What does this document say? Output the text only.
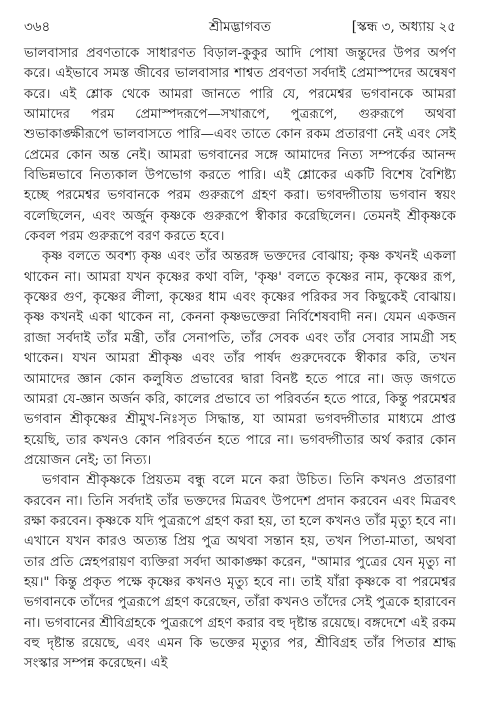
৩৬৪	শ্রীমদ্ভাগবত	[স্কন্ধ ৩, অধ্যায় ২৫

ভালবাসার প্রবণতাকে সাধারণত বিড়াল-কুকুর আদি পোষা জন্তুদের উপর অর্পণ করে। এইভাবে সমস্ত জীবের ভালবাসার শাশ্বত প্রবণতা সর্বদাই প্রেমাস্পদের অন্বেষণ করে। এই শ্লোক থেকে আমরা জানতে পারি যে, পরমেশ্বর ভগবানকে আমরা আমাদের পরম প্রেমাস্পদরূপে—সখারূপে, পুত্ররূপে, গুরুরূপে অথবা শুভাকাঙ্ক্ষীরূপে ভালবাসতে পারি—এবং তাতে কোন রকম প্রতারণা নেই এবং সেই প্রেমের কোন অন্ত নেই। আমরা ভগবানের সঙ্গে আমাদের নিত্য সম্পর্কের আনন্দ বিভিন্নভাবে নিত্যকাল উপভোগ করতে পারি। এই শ্লোকের একটি বিশেষ বৈশিষ্ট্য হচ্ছে পরমেশ্বর ভগবানকে পরম গুরুরূপে গ্রহণ করা। ভগবদ্গীতায় ভগবান স্বয়ং বলেছিলেন, এবং অর্জুন কৃষ্ণকে গুরুরূপে স্বীকার করেছিলেন। তেমনই শ্রীকৃষ্ণকে কেবল পরম গুরুরূপে বরণ করতে হবে।

কৃষ্ণ বলতে অবশ্য কৃষ্ণ এবং তাঁর অন্তরঙ্গ ভক্তদের বোঝায়; কৃষ্ণ কখনই একলা থাকেন না। আমরা যখন কৃষ্ণের কথা বলি, 'কৃষ্ণ' বলতে কৃষ্ণের নাম, কৃষ্ণের রূপ, কৃষ্ণের গুণ, কৃষ্ণের লীলা, কৃষ্ণের ধাম এবং কৃষ্ণের পরিকর সব কিছুকেই বোঝায়। কৃষ্ণ কখনই একা থাকেন না, কেননা কৃষ্ণভক্তেরা নির্বিশেষবাদী নন। যেমন একজন রাজা সর্বদাই তাঁর মন্ত্রী, তাঁর সেনাপতি, তাঁর সেবক এবং তাঁর সেবার সামগ্রী সহ থাকেন। যখন আমরা শ্রীকৃষ্ণ এবং তাঁর পার্ষদ গুরুদেবকে স্বীকার করি, তখন আমাদের জ্ঞান কোন কলুষিত প্রভাবের দ্বারা বিনষ্ট হতে পারে না। জড় জগতে আমরা যে-জ্ঞান অর্জন করি, কালের প্রভাবে তা পরিবর্তন হতে পারে, কিন্তু পরমেশ্বর ভগবান শ্রীকৃষ্ণের শ্রীমুখ-নিঃসৃত সিদ্ধান্ত, যা আমরা ভগবদ্গীতার মাধ্যমে প্রাপ্ত হয়েছি, তার কখনও কোন পরিবর্তন হতে পারে না। ভগবদ্গীতার অর্থ করার কোন প্রয়োজন নেই; তা নিত্য।

ভগবান শ্রীকৃষ্ণকে প্রিয়তম বন্ধু বলে মনে করা উচিত। তিনি কখনও প্রতারণা করবেন না। তিনি সর্বদাই তাঁর ভক্তদের মিত্রবৎ উপদেশ প্রদান করবেন এবং মিত্রবৎ রক্ষা করবেন। কৃষ্ণকে যদি পুত্ররূপে গ্রহণ করা হয়, তা হলে কখনও তাঁর মৃত্যু হবে না। এখানে যখন কারও অত্যন্ত প্রিয় পুত্র অথবা সন্তান হয়, তখন পিতা-মাতা, অথবা তার প্রতি স্নেহপরায়ণ ব্যক্তিরা সর্বদা আকাঙ্ক্ষা করেন, "আমার পুত্রের যেন মৃত্যু না হয়।" কিন্তু প্রকৃত পক্ষে কৃষ্ণের কখনও মৃত্যু হবে না। তাই যাঁরা কৃষ্ণকে বা পরমেশ্বর ভগবানকে তাঁদের পুত্ররূপে গ্রহণ করেছেন, তাঁরা কখনও তাঁদের সেই পুত্রকে হারাবেন না। ভগবানের শ্রীবিগ্রহকে পুত্ররূপে গ্রহণ করার বহু দৃষ্টান্ত রয়েছে। বঙ্গদেশে এই রকম বহু দৃষ্টান্ত রয়েছে, এবং এমন কি ভক্তের মৃত্যুর পর, শ্রীবিগ্রহ তাঁর পিতার শ্রাদ্ধ সংস্কার সম্পন্ন করেছেন। এই
